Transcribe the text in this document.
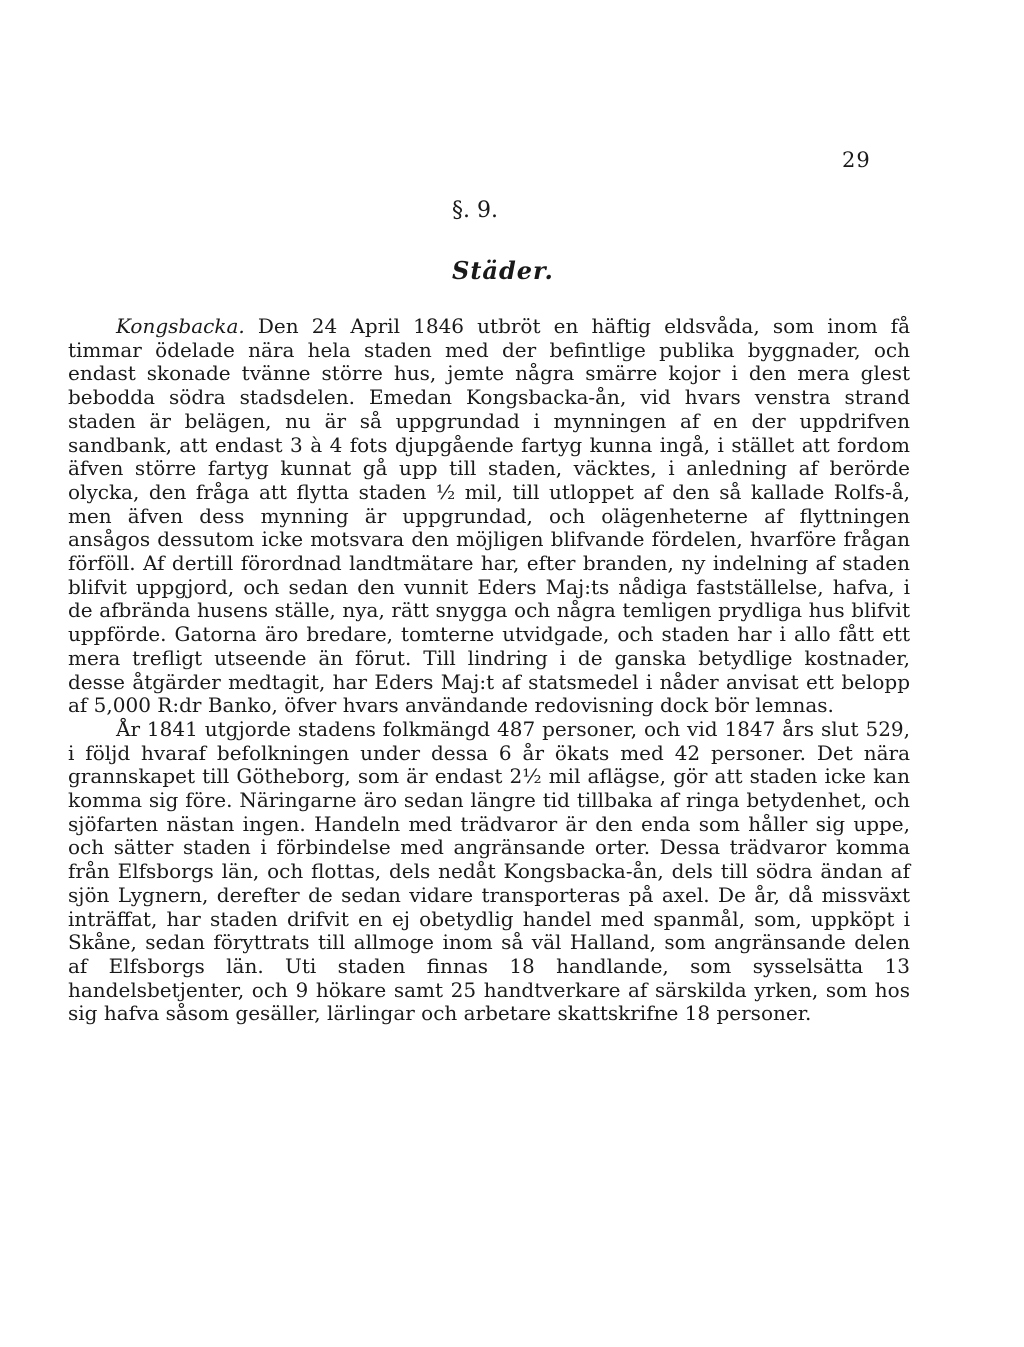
29
§. 9.
Städer.

Kongsbacka. Den 24 April 1846 utbröt en häftig eldsvåda, som inom få timmar ödelade nära hela staden med der befintlige publika byggnader, och endast skonade tvänne större hus, jemte några smärre kojor i den mera glest bebodda södra stadsdelen. Emedan Kongsbacka-ån, vid hvars venstra strand staden är belägen, nu är så uppgrundad i mynningen af en der uppdrifven sandbank, att endast 3 à 4 fots djupgående fartyg kunna ingå, i stället att fordom äfven större fartyg kunnat gå upp till staden, väcktes, i anledning af berörde olycka, den fråga att flytta staden ½ mil, till utloppet af den så kallade Rolfs-å, men äfven dess mynning är uppgrundad, och olägenheterne af flyttningen ansågos dessutom icke motsvara den möjligen blifvande fördelen, hvarföre frågan förföll. Af dertill förordnad landtmätare har, efter branden, ny indelning af staden blifvit uppgjord, och sedan den vunnit Eders Maj:ts nådiga fastställelse, hafva, i de afbrända husens ställe, nya, rätt snygga och några temligen prydliga hus blifvit uppförde. Gatorna äro bredare, tomterne utvidgade, och staden har i allo fått ett mera trefligt utseende än förut. Till lindring i de ganska betydlige kostnader, desse åtgärder medtagit, har Eders Maj:t af statsmedel i nåder anvisat ett belopp af 5,000 R:dr Banko, öfver hvars användande redovisning dock bör lemnas.

År 1841 utgjorde stadens folkmängd 487 personer, och vid 1847 års slut 529, i följd hvaraf befolkningen under dessa 6 år ökats med 42 personer. Det nära grannskapet till Götheborg, som är endast 2½ mil aflägse, gör att staden icke kan komma sig före. Näringarne äro sedan längre tid tillbaka af ringa betydenhet, och sjöfarten nästan ingen. Handeln med trädvaror är den enda som håller sig uppe, och sätter staden i förbindelse med angränsande orter. Dessa trädvaror komma från Elfsborgs län, och flottas, dels nedåt Kongsbacka-ån, dels till södra ändan af sjön Lygnern, derefter de sedan vidare transporteras på axel. De år, då missväxt inträffat, har staden drifvit en ej obetydlig handel med spanmål, som, uppköpt i Skåne, sedan föryttrats till allmoge inom så väl Halland, som angränsande delen af Elfsborgs län. Uti staden finnas 18 handlande, som sysselsätta 13 handelsbetjenter, och 9 hökare samt 25 handtverkare af särskilda yrken, som hos sig hafva såsom gesäller, lärlingar och arbetare skattskrifne 18 personer.
